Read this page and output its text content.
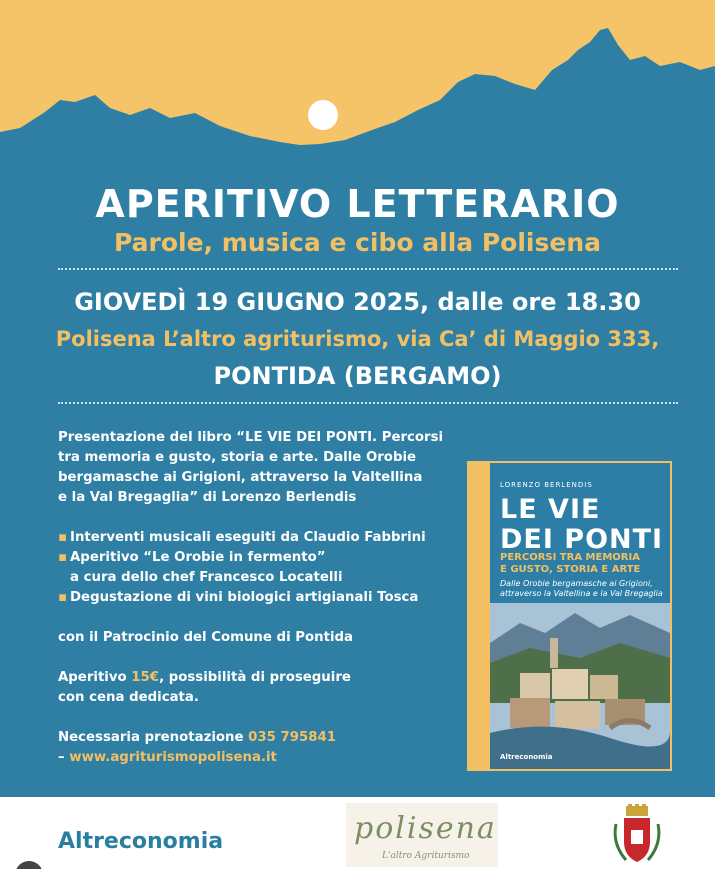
APERITIVO LETTERARIO
Parole, musica e cibo alla Polisena
GIOVEDÌ 19 GIUGNO 2025, dalle ore 18.30
Polisena L’altro agriturismo, via Ca’ di Maggio 333,
PONTIDA (BERGAMO)

Presentazione del libro “LE VIE DEI PONTI. Percorsi

tra memoria e gusto, storia e arte. Dalle Orobie

bergamasche ai Grigioni, attraverso la Valtellina

e la Val Bregaglia” di Lorenzo Berlendis

▪ Interventi musicali eseguiti da Claudio Fabbrini

▪ Aperitivo “Le Orobie in fermento”

a cura dello chef Francesco Locatelli

▪ Degustazione di vini biologici artigianali Tosca

con il Patrocinio del Comune di Pontida

Aperitivo 15€, possibilità di proseguire

con cena dedicata.

Necessaria prenotazione 035 795841

– www.agriturismopolisena.it

LORENZO BERLENDIS
LE VIE
DEI PONTI
PERCORSI TRA MEMORIA
E GUSTO, STORIA E ARTE
Dalle Orobie bergamasche ai Grigioni,
attraverso la Valtellina e la Val Bregaglia
Altreconomia
Altreconomia	polisena
L'altro Agriturismo
